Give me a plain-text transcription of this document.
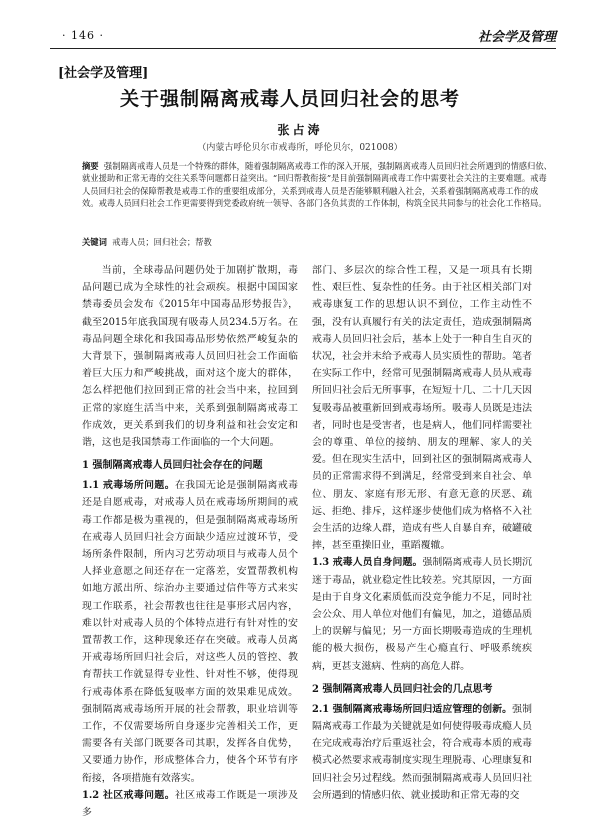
· 146 ·	社会学及管理
[社会学及管理]
关于强制隔离戒毒人员回归社会的思考
张占涛
（内蒙古呼伦贝尔市戒毒所，呼伦贝尔，021008）
摘要 强制隔离戒毒人员是一个特殊的群体，随着强制隔离戒毒工作的深入开展，强制隔离戒毒人员回归社会所遇到的情感归依、就业援助和正常无毒的交往关系等问题都日益突出。“回归帮教衔接”是目前强制隔离戒毒工作中需要社会关注的主要难题。戒毒人员回归社会的保障帮教是戒毒工作的重要组成部分，关系到戒毒人员是否能够顺利融入社会，关系着强制隔离戒毒工作的成效。戒毒人员回归社会工作更需要得到党委政府统一领导、各部门各负其责的工作体制，构筑全民共同参与的社会化工作格局。
关键词 戒毒人员；回归社会；帮教

当前，全球毒品问题仍处于加剧扩散期，毒品问题已成为全球性的社会顽疾。根据中国国家禁毒委员会发布《2015年中国毒品形势报告》，截至2015年底我国现有吸毒人员234.5万名。在毒品问题全球化和我国毒品形势依然严峻复杂的大背景下，强制隔离戒毒人员回归社会工作面临着巨大压力和严峻挑战，面对这个庞大的群体，怎么样把他们拉回到正常的社会当中来，拉回到正常的家庭生活当中来，关系到强制隔离戒毒工作成效，更关系到我们的切身利益和社会安定和谐，这也是我国禁毒工作面临的一个大问题。

1 强制隔离戒毒人员回归社会存在的问题

1.1 戒毒场所问题。在我国无论是强制隔离戒毒还是自愿戒毒，对戒毒人员在戒毒场所期间的戒毒工作都是极为重视的，但是强制隔离戒毒场所在戒毒人员回归社会方面缺少适应过渡环节，受场所条件限制，所内习艺劳动项目与戒毒人员个人择业意愿之间还存在一定落差，安置帮教机构如地方派出所、综治办主要通过信件等方式来实现工作联系，社会帮教也往往是事形式居内容，难以针对戒毒人员的个体特点进行有针对性的安置帮教工作，这种现象还存在突破。戒毒人员离开戒毒场所回归社会后，对这些人员的管控、教育帮扶工作就显得专业性、针对性不够，使得现行戒毒体系在降低复吸率方面的效果难见成效。强制隔离戒毒场所开展的社会帮教，职业培训等工作，不仅需要场所自身逐步完善相关工作，更需要各有关部门既要各司其职，发挥各自优势，又要通力协作，形成整体合力，使各个环节有序衔接，各项措施有效落实。

1.2 社区戒毒问题。社区戒毒工作既是一项涉及多

部门、多层次的综合性工程，又是一项具有长期性、艰巨性、复杂性的任务。由于社区相关部门对戒毒康复工作的思想认识不到位，工作主动性不强，没有认真履行有关的法定责任，造成强制隔离戒毒人员回归社会后，基本上处于一种自生自灭的状况，社会并未给予戒毒人员实质性的帮助。笔者在实际工作中，经常可见强制隔离戒毒人员从戒毒所回归社会后无所事事，在短短十几、二十几天因复吸毒品被重新回到戒毒场所。吸毒人员既是违法者，同时也是受害者，也是病人，他们同样需要社会的尊重、单位的接纳、朋友的理解、家人的关爱。但在现实生活中，回到社区的强制隔离戒毒人员的正常需求得不到满足，经常受到来自社会、单位、朋友、家庭有形无形、有意无意的厌恶、疏远、拒绝、排斥，这样逐步使他们成为格格不入社会生活的边缘人群，造成有些人自暴自弃，破罐破摔，甚至重操旧业，重蹈覆辙。

1.3 戒毒人员自身问题。强制隔离戒毒人员长期沉迷于毒品，就业稳定性比较差。究其原因，一方面是由于自身文化素质低而没竞争能力不足，同时社会公众、用人单位对他们有偏见，加之，道德品质上的误解与偏见；另一方面长期吸毒造成的生理机能的极大损伤，极易产生心瘾直行、呼吸系统疾病，更甚支滋病、性病的高危人群。

2 强制隔离戒毒人员回归社会的几点思考

2.1 强制隔离戒毒场所回归适应管理的创新。强制隔离戒毒工作最为关键就是如何使得吸毒成瘾人员在完成戒毒治疗后重返社会，符合戒毒本质的戒毒模式必然要求戒毒制度实现生理脱毒、心理康复和回归社会另过程线。然而强制隔离戒毒人员回归社会所遇到的情感归依、就业援助和正常无毒的交
